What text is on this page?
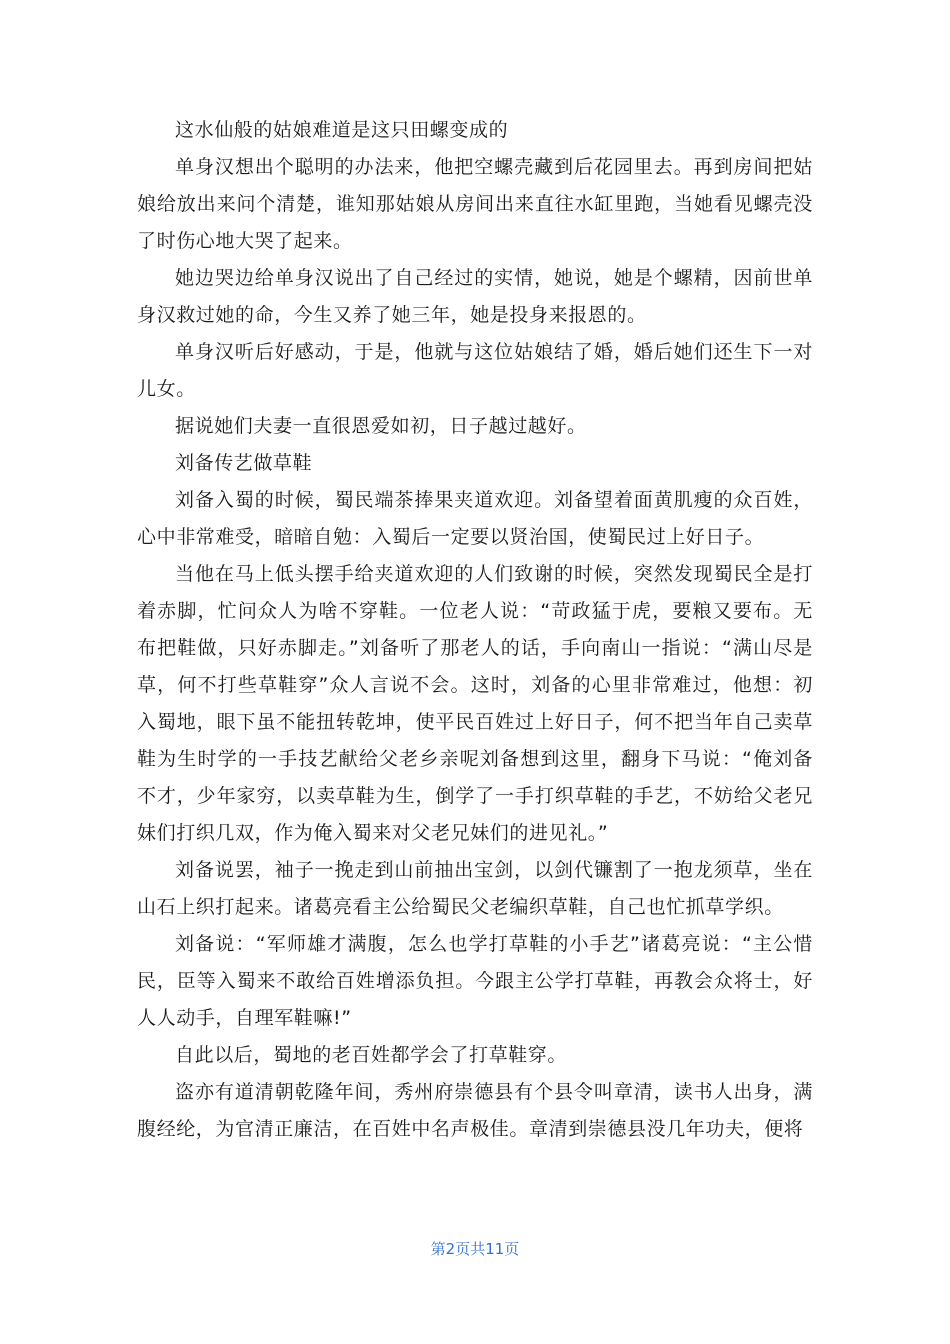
这水仙般的姑娘难道是这只田螺变成的

单身汉想出个聪明的办法来，他把空螺壳藏到后花园里去。再到房间把姑娘给放出来问个清楚，谁知那姑娘从房间出来直往水缸里跑，当她看见螺壳没了时伤心地大哭了起来。

她边哭边给单身汉说出了自己经过的实情，她说，她是个螺精，因前世单身汉救过她的命，今生又养了她三年，她是投身来报恩的。

单身汉听后好感动，于是，他就与这位姑娘结了婚，婚后她们还生下一对儿女。

据说她们夫妻一直很恩爱如初，日子越过越好。

刘备传艺做草鞋

刘备入蜀的时候，蜀民端茶捧果夹道欢迎。刘备望着面黄肌瘦的众百姓，心中非常难受，暗暗自勉：入蜀后一定要以贤治国，使蜀民过上好日子。

当他在马上低头摆手给夹道欢迎的人们致谢的时候，突然发现蜀民全是打着赤脚，忙问众人为啥不穿鞋。一位老人说：“苛政猛于虎，要粮又要布。无布把鞋做，只好赤脚走。”刘备听了那老人的话，手向南山一指说：“满山尽是草，何不打些草鞋穿”众人言说不会。这时，刘备的心里非常难过，他想：初入蜀地，眼下虽不能扭转乾坤，使平民百姓过上好日子，何不把当年自己卖草鞋为生时学的一手技艺献给父老乡亲呢刘备想到这里，翻身下马说：“俺刘备不才，少年家穷，以卖草鞋为生，倒学了一手打织草鞋的手艺，不妨给父老兄妹们打织几双，作为俺入蜀来对父老兄妹们的进见礼。”

刘备说罢，袖子一挽走到山前抽出宝剑，以剑代镰割了一抱龙须草，坐在山石上织打起来。诸葛亮看主公给蜀民父老编织草鞋，自己也忙抓草学织。

刘备说：“军师雄才满腹，怎么也学打草鞋的小手艺”诸葛亮说：“主公惜民，臣等入蜀来不敢给百姓增添负担。今跟主公学打草鞋，再教会众将士，好人人动手，自理军鞋嘛!”

自此以后，蜀地的老百姓都学会了打草鞋穿。

盗亦有道清朝乾隆年间，秀州府崇德县有个县令叫章清，读书人出身，满腹经纶，为官清正廉洁，在百姓中名声极佳。章清到崇德县没几年功夫，便将

第2页共11页
